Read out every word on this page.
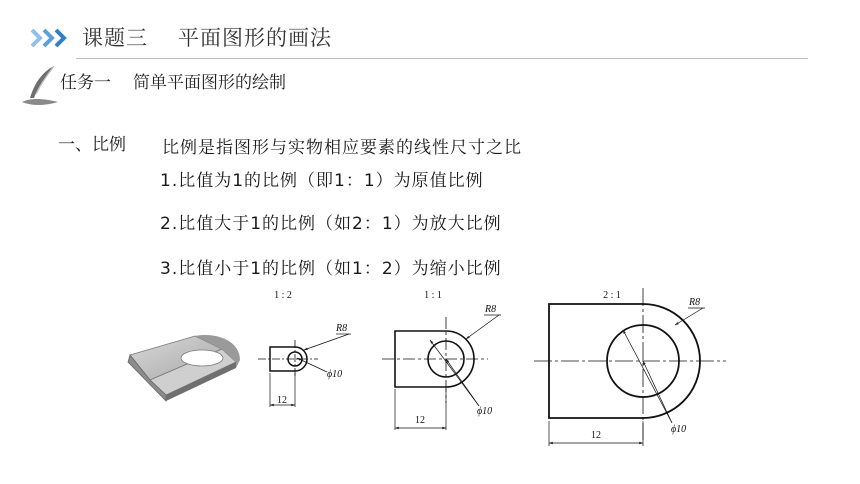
课题三 平面图形的画法
任务一 简单平面图形的绘制
一、比例 比例是指图形与实物相应要素的线性尺寸之比
1.比值为1的比例（即1：1）为原值比例
2.比值大于1的比例（如2：1）为放大比例
3.比值小于1的比例（如1：2）为缩小比例
1 : 2
12
R8
ϕ10
1 : 1
12
R8
ϕ10
2 : 1
12
R8
ϕ10
